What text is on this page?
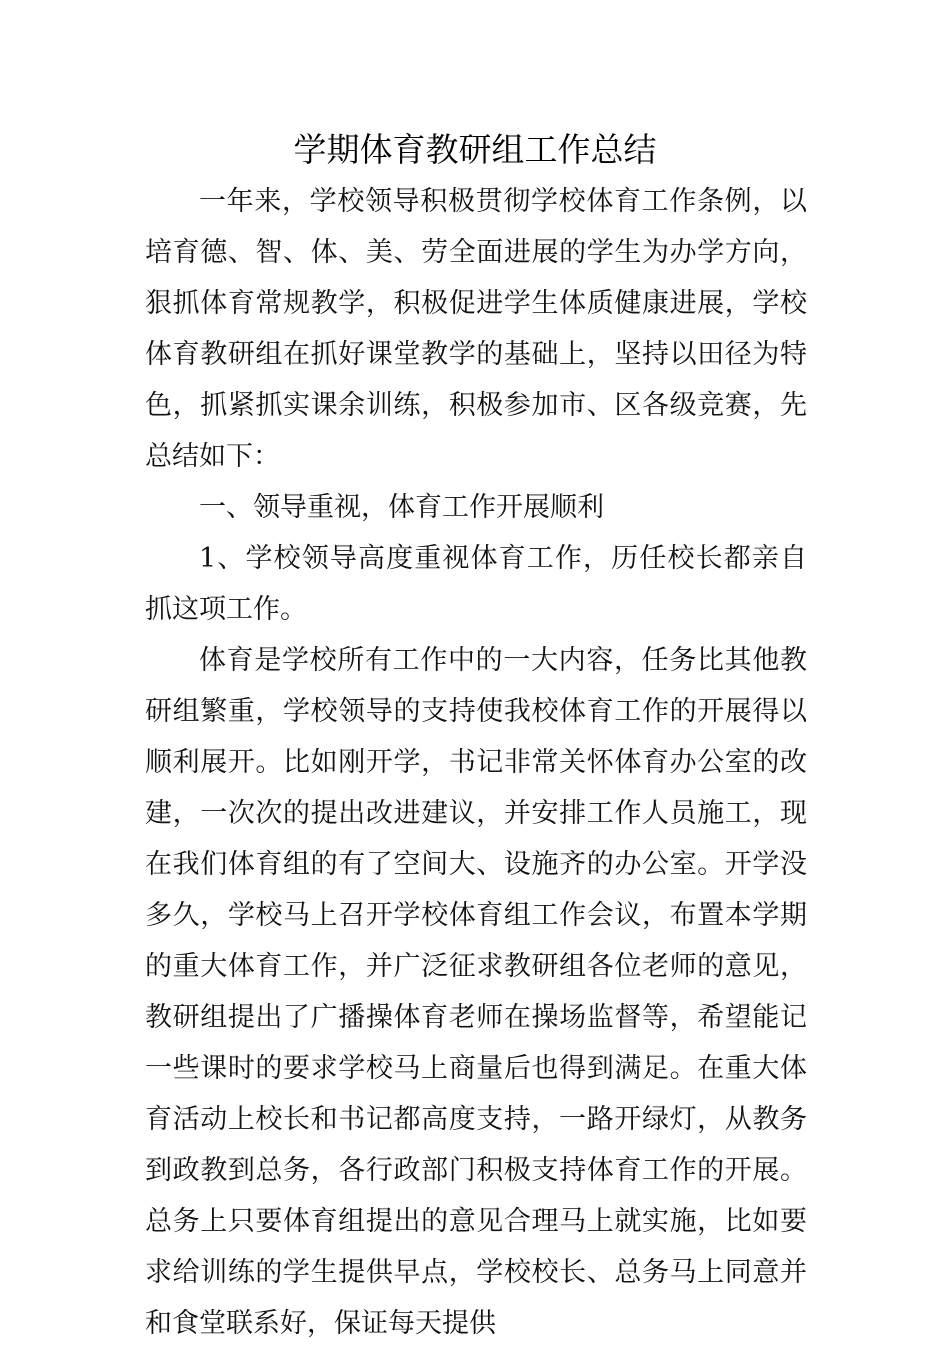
学期体育教研组工作总结

一年来，学校领导积极贯彻学校体育工作条例，以培育德、智、体、美、劳全面进展的学生为办学方向，狠抓体育常规教学，积极促进学生体质健康进展，学校体育教研组在抓好课堂教学的基础上，坚持以田径为特色，抓紧抓实课余训练，积极参加市、区各级竞赛，先总结如下：

一、领导重视，体育工作开展顺利

1、学校领导高度重视体育工作，历任校长都亲自抓这项工作。

体育是学校所有工作中的一大内容，任务比其他教研组繁重，学校领导的支持使我校体育工作的开展得以顺利展开。比如刚开学，书记非常关怀体育办公室的改建，一次次的提出改进建议，并安排工作人员施工，现在我们体育组的有了空间大、设施齐的办公室。开学没多久，学校马上召开学校体育组工作会议，布置本学期的重大体育工作，并广泛征求教研组各位老师的意见，教研组提出了广播操体育老师在操场监督等，希望能记一些课时的要求学校马上商量后也得到满足。在重大体育活动上校长和书记都高度支持，一路开绿灯，从教务到政教到总务，各行政部门积极支持体育工作的开展。总务上只要体育组提出的意见合理马上就实施，比如要求给训练的学生提供早点，学校校长、总务马上同意并和食堂联系好，保证每天提供
